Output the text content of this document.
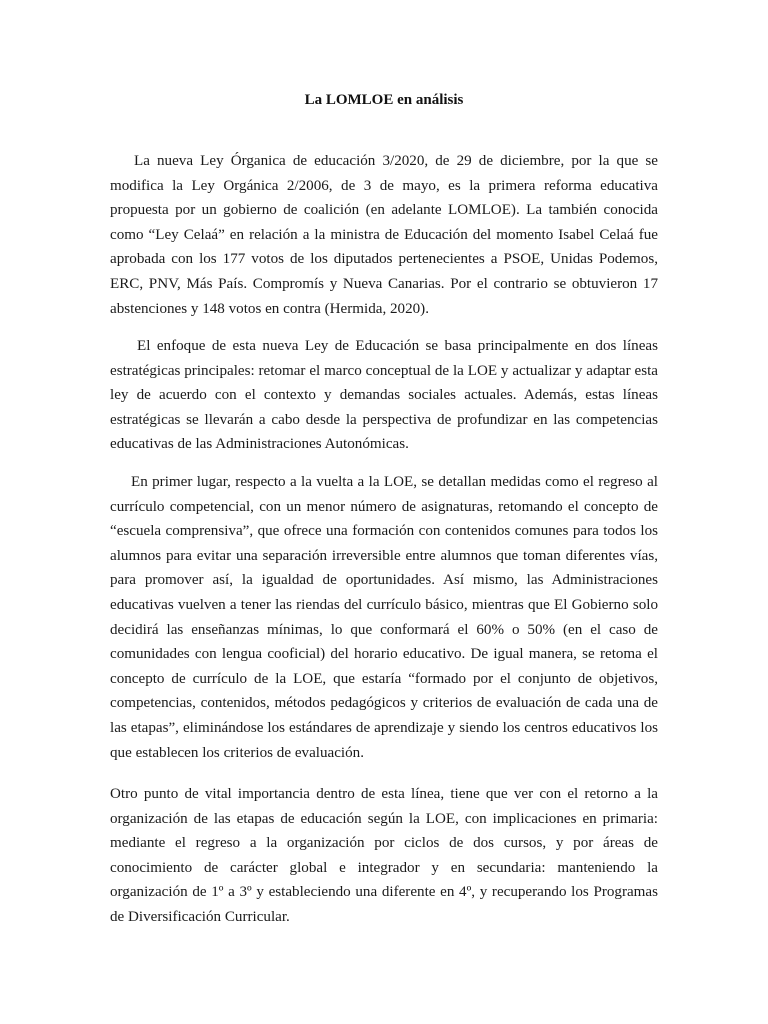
La LOMLOE en análisis

La nueva Ley Órganica de educación 3/2020, de 29 de diciembre, por la que se modifica la Ley Orgánica 2/2006, de 3 de mayo, es la primera reforma educativa propuesta por un gobierno de coalición (en adelante LOMLOE). La también conocida como “Ley Celaá” en relación a la ministra de Educación del momento Isabel Celaá fue aprobada con los 177 votos de los diputados pertenecientes a PSOE, Unidas Podemos, ERC, PNV, Más País. Compromís y Nueva Canarias. Por el contrario se obtuvieron 17 abstenciones y 148 votos en contra (Hermida, 2020).

El enfoque de esta nueva Ley de Educación se basa principalmente en dos líneas estratégicas principales: retomar el marco conceptual de la LOE y actualizar y adaptar esta ley de acuerdo con el contexto y demandas sociales actuales. Además, estas líneas estratégicas se llevarán a cabo desde la perspectiva de profundizar en las competencias educativas de las Administraciones Autonómicas.

En primer lugar, respecto a la vuelta a la LOE, se detallan medidas como el regreso al currículo competencial, con un menor número de asignaturas, retomando el concepto de “escuela comprensiva”, que ofrece una formación con contenidos comunes para todos los alumnos para evitar una separación irreversible entre alumnos que toman diferentes vías, para promover así, la igualdad de oportunidades. Así mismo, las Administraciones educativas vuelven a tener las riendas del currículo básico, mientras que El Gobierno solo decidirá las enseñanzas mínimas, lo que conformará el 60% o 50% (en el caso de comunidades con lengua cooficial) del horario educativo. De igual manera, se retoma el concepto de currículo de la LOE, que estaría “formado por el conjunto de objetivos, competencias, contenidos, métodos pedagógicos y criterios de evaluación de cada una de las etapas”, eliminándose los estándares de aprendizaje y siendo los centros educativos los que establecen los criterios de evaluación.

Otro punto de vital importancia dentro de esta línea, tiene que ver con el retorno a la organización de las etapas de educación según la LOE, con implicaciones en primaria: mediante el regreso a la organización por ciclos de dos cursos, y por áreas de conocimiento de carácter global e integrador y en secundaria: manteniendo la organización de 1º a 3º y estableciendo una diferente en 4º, y recuperando los Programas de Diversificación Curricular.
